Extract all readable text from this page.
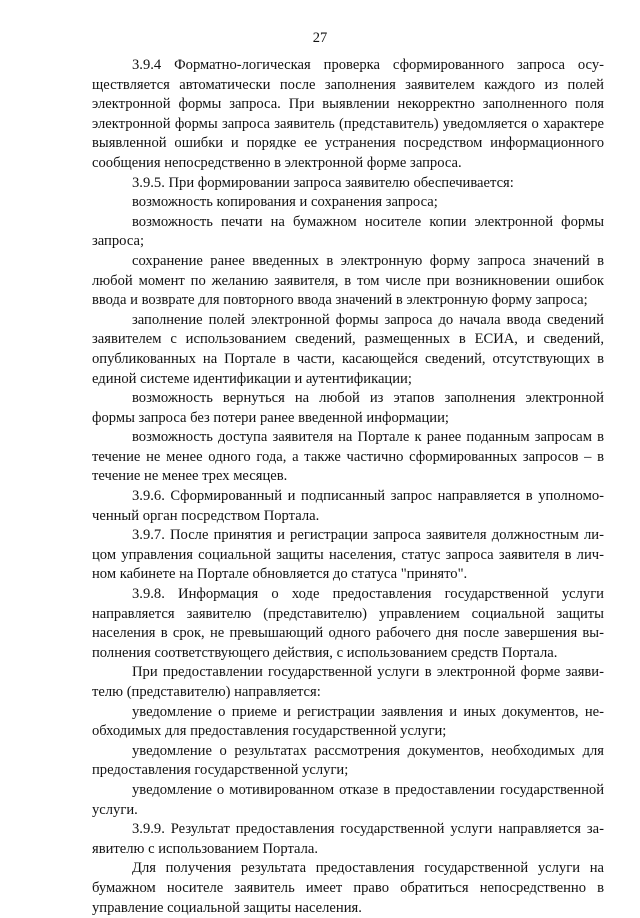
27

3.9.4 Форматно-логическая проверка сформированного запроса осуществляется автоматически после заполнения заявителем каждого из полей электронной формы запроса. При выявлении некорректно заполненного поля электронной формы запроса заявитель (представитель) уведомляется о характере выявленной ошибки и порядке ее устранения посредством информационного сообщения непосредственно в электронной форме запроса.

3.9.5. При формировании запроса заявителю обеспечивается:

возможность копирования и сохранения запроса;

возможность печати на бумажном носителе копии электронной формы запроса;

сохранение ранее введенных в электронную форму запроса значений в любой момент по желанию заявителя, в том числе при возникновении ошибок ввода и возврате для повторного ввода значений в электронную форму запроса;

заполнение полей электронной формы запроса до начала ввода сведений заявителем с использованием сведений, размещенных в ЕСИА, и сведений, опубликованных на Портале в части, касающейся сведений, отсутствующих в единой системе идентификации и аутентификации;

возможность вернуться на любой из этапов заполнения электронной формы запроса без потери ранее введенной информации;

возможность доступа заявителя на Портале к ранее поданным запросам в течение не менее одного года, а также частично сформированных запросов – в течение не менее трех месяцев.

3.9.6. Сформированный и подписанный запрос направляется в уполномоченный орган посредством Портала.

3.9.7. После принятия и регистрации запроса заявителя должностным лицом управления социальной защиты населения, статус запроса заявителя в личном кабинете на Портале обновляется до статуса "принято".

3.9.8. Информация о ходе предоставления государственной услуги направляется заявителю (представителю) управлением социальной защиты населения в срок, не превышающий одного рабочего дня после завершения выполнения соответствующего действия, с использованием средств Портала.

При предоставлении государственной услуги в электронной форме заявителю (представителю) направляется:

уведомление о приеме и регистрации заявления и иных документов, необходимых для предоставления государственной услуги;

уведомление о результатах рассмотрения документов, необходимых для предоставления государственной услуги;

уведомление о мотивированном отказе в предоставлении государственной услуги.

3.9.9. Результат предоставления государственной услуги направляется заявителю с использованием Портала.

Для получения результата предоставления государственной услуги на бумажном носителе заявитель имеет право обратиться непосредственно в управление социальной защиты населения.
